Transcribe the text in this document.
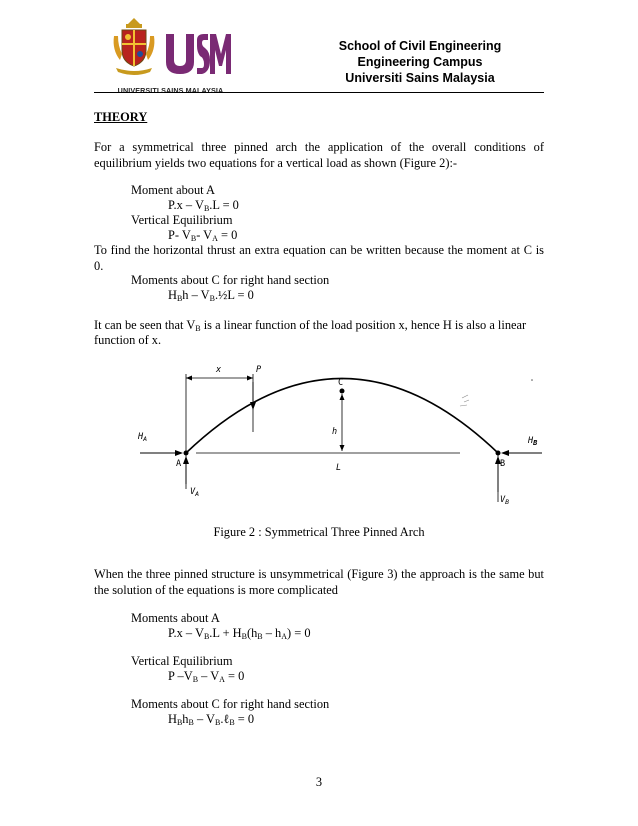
UNIVERSITI SAINS MALAYSIA
School of Civil Engineering
Engineering Campus
Universiti Sains Malaysia
THEORY
For a symmetrical three pinned arch the application of the overall conditions of equilibrium yields two equations for a vertical load as shown (Figure 2):-
Moment about A
$P.x - V_B.L = 0$
Vertical Equilibrium
P- $V_B-$ $V_A = 0$
To find the horizontal thrust an extra equation can be written because the moment at C is 0.
Moments about C for right hand section
$H_Bh$ – $V_B.\frac{1}{2}L = 0$
It can be seen that $V_B$ is a linear function of the load position x, hence H is also a linear
function of x.
x	P
C
h
$H_A$	$H_B$
A	B
L
$V_A$
$V_B$
Figure 2 : Symmetrical Three Pinned Arch
When the three pinned structure is unsymmetrical (Figure 3) the approach is the same but the solution of the equations is more complicated
Moments about A
$P.x - V_B.L + H_B(h_B - h_A) = 0$
Vertical Equilibrium
P $-V_B - V_A = 0$
Moments about C for right hand section
$H_Bh_B$ – $V_B.\ell_B = 0$
3
